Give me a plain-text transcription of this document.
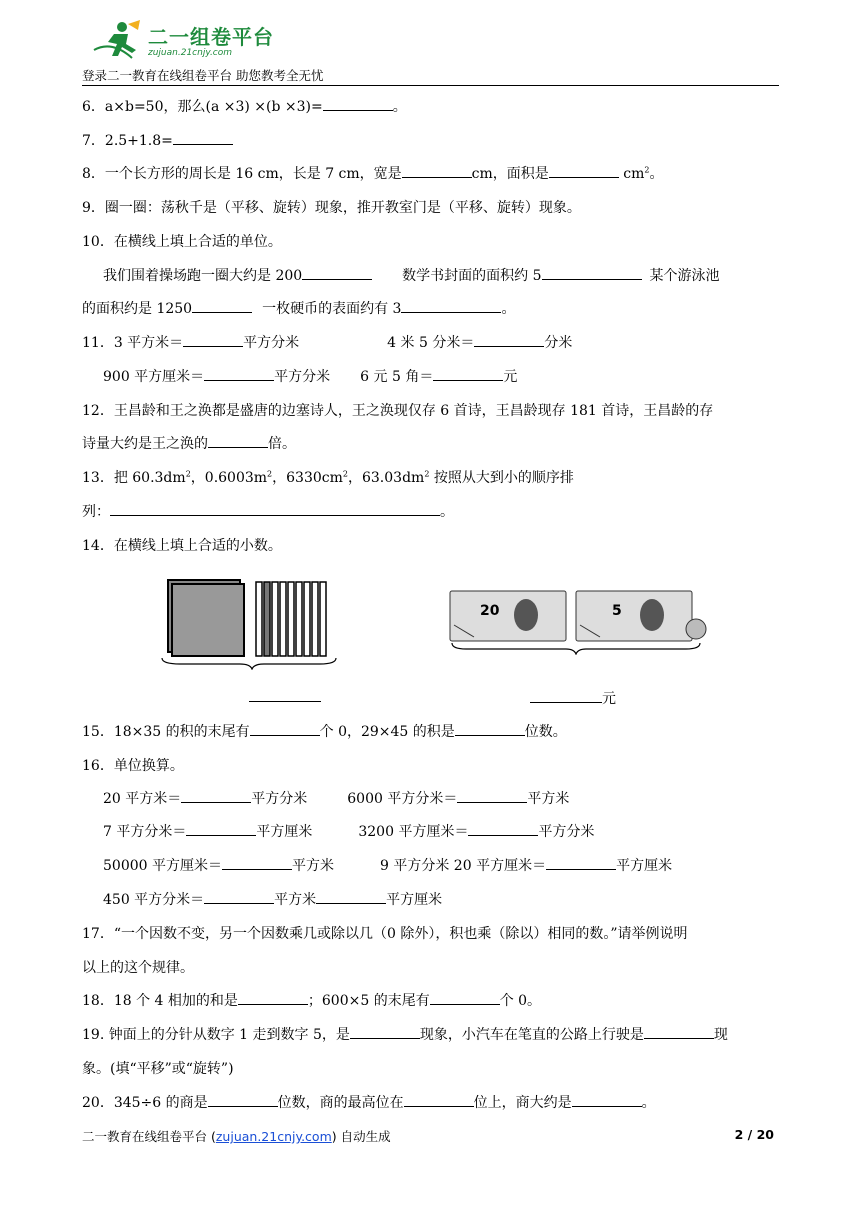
二一组卷平台
zujuan.21cnjy.com
登录二一教育在线组卷平台 助您教考全无忧
6．a×b=50，那么(a ×3) ×(b ×3)=	。
7．2.5+1.8=
8．一个长方形的周长是 16 cm，长是 7 cm，宽是	cm，面积是	$cm^2$。
9．圈一圈：荡秋千是（平移、旋转）现象，推开教室门是（平移、旋转）现象。
10．在横线上填上合适的单位。
我们围着操场跑一圈大约是 200	数学书封面的面积约 5	某个游泳池
的面积约是 1250	一枚硬币的表面约有 3	。
11．3 平方米＝	平方分米	4 米 5 分米＝	分米
900 平方厘米＝	平方分米 6 元 5 角＝	元
12．王昌龄和王之涣都是盛唐的边塞诗人，王之涣现仅存 6 首诗，王昌龄现存 181 首诗，王昌龄的存
诗量大约是王之涣的	倍。
13．把 $60.3dm^2$，$0.6003m^2$，$6330cm^2$，$63.03dm^2$ 按照从大到小的顺序排
列：	。
14．在横线上填上合适的小数。
20	5
元
15．18×35 的积的末尾有	个 0，29×45 的积是	位数。
16．单位换算。
20 平方米＝	平方分米	6000 平方分米＝	平方米
7 平方分米＝	平方厘米	3200 平方厘米＝	平方分米
50000 平方厘米＝	平方米	9 平方分米 20 平方厘米＝	平方厘米
450 平方分米＝	平方米	平方厘米
17．“一个因数不变，另一个因数乘几或除以几（0 除外），积也乘（除以）相同的数。”请举例说明
以上的这个规律。
18．18 个 4 相加的和是	；600×5 的末尾有	个 0。
19. 钟面上的分针从数字 1 走到数字 5，是	现象，小汽车在笔直的公路上行驶是	现
象。(填“平移”或“旋转”)
20．345÷6 的商是	位数，商的最高位在	位上，商大约是	。
二一教育在线组卷平台 (zujuan.21cnjy.com) 自动生成	2 / 20
